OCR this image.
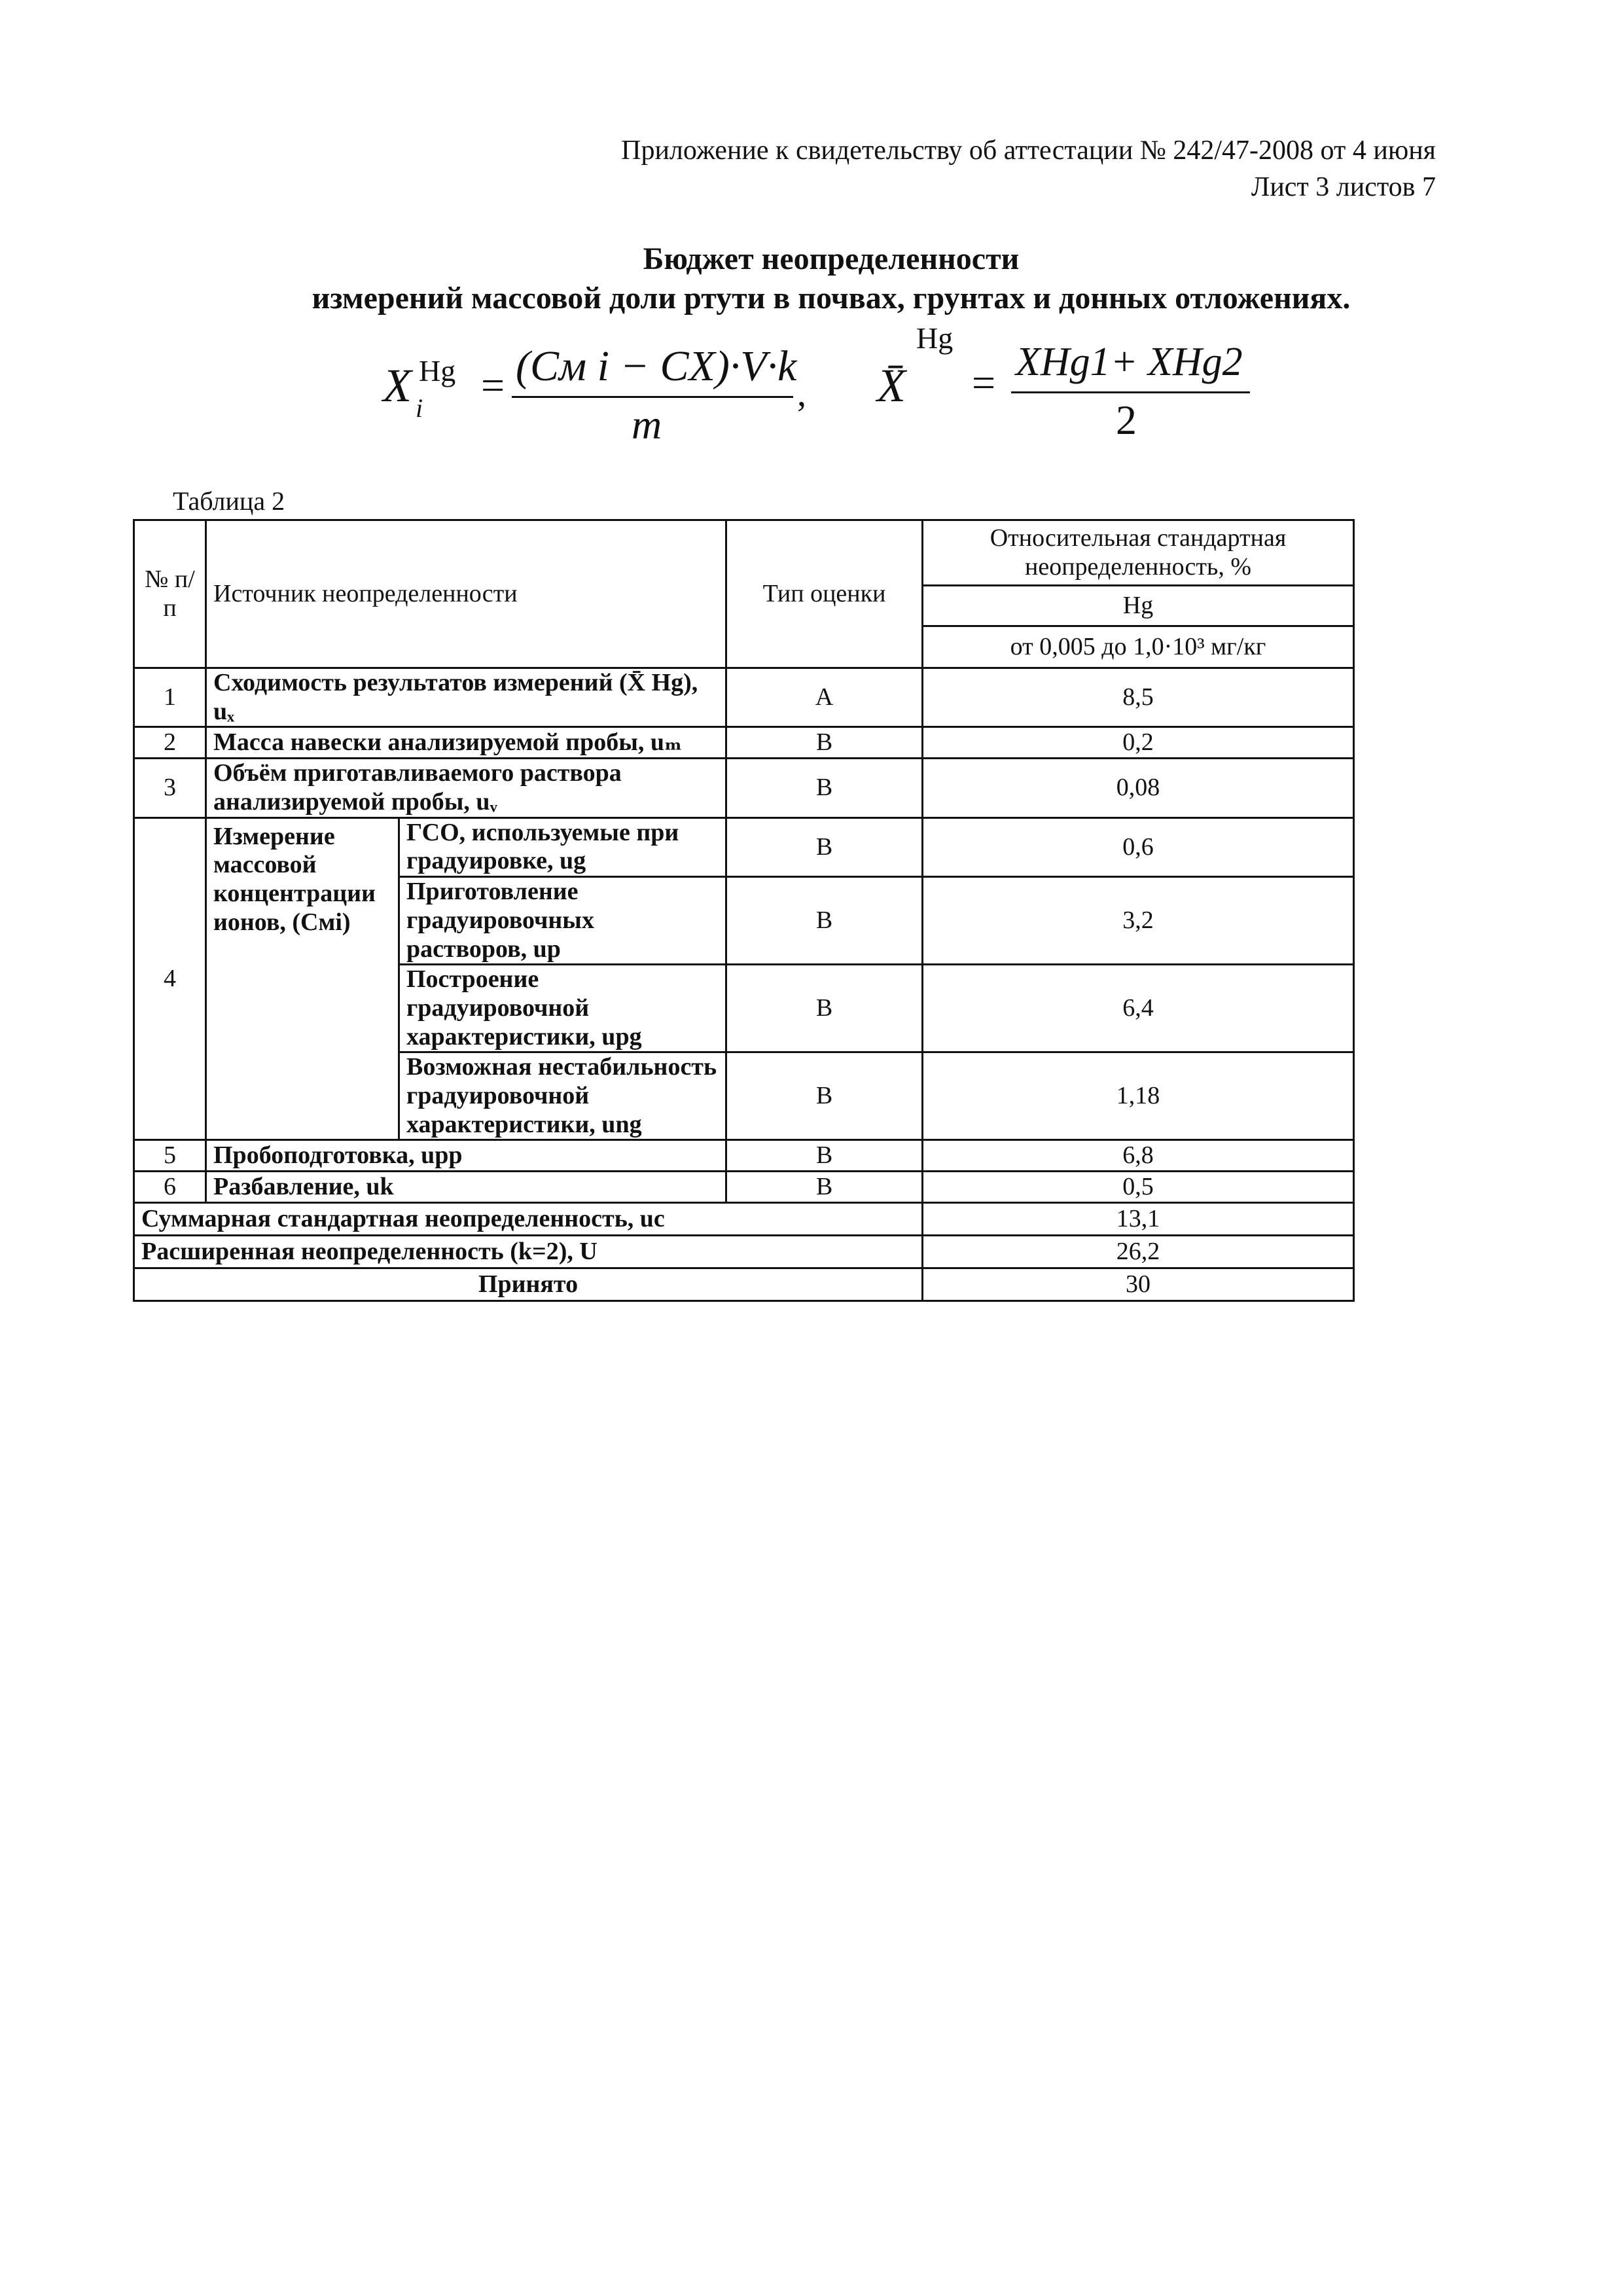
Приложение к свидетельству об аттестации № 242/47-2008 от 4 июня
Лист 3 листов 7
Бюджет неопределенности
измерений массовой доли ртути в почвах, грунтах и донных отложениях.
X Hg
i = (Cм i − CX)·V·k
m
, X̄
Hg
= XHg1+ XHg2
2
Таблица 2
№ п/п	Источник неопределенности		Тип оценки	Относительная стандартная неопределенность, %
				Hg
				от 0,005 до 1,0·10³ мг/кг
1	Сходимость результатов измерений (X̄ Hg), uₓ		А	8,5
2	Масса навески анализируемой пробы, uₘ		В	0,2
3	Объём приготавливаемого раствора анализируемой пробы, uᵥ		В	0,08
4	Измерение массовой концентрации ионов, (Cмi)	ГСО, используемые при градуировке, ug	В	0,6
		Приготовление градуировочных растворов, up	В	3,2
		Построение градуировочной характеристики, upg	В	6,4
		Возможная нестабильность градуировочной характеристики, ung	В	1,18
5	Пробоподготовка, upp		В	6,8
6	Разбавление, uk		В	0,5
Суммарная стандартная неопределенность, uc				13,1
Расширенная неопределенность (k=2), U				26,2
Принято				30
